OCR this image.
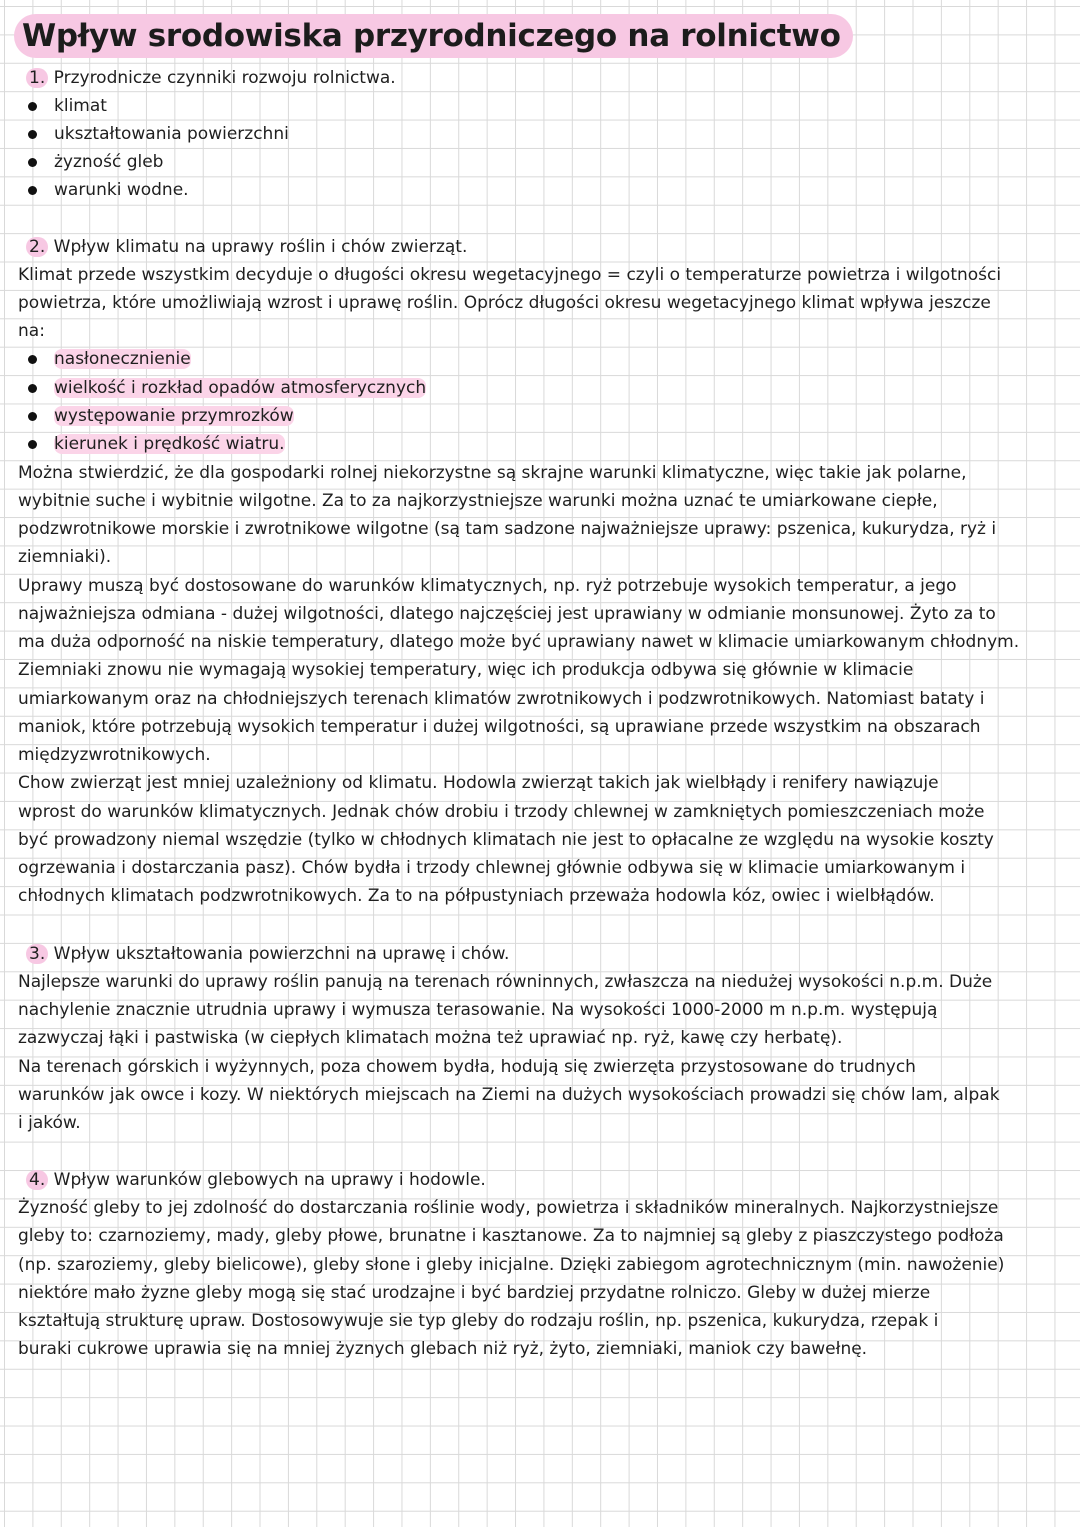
Wpływ srodowiska przyrodniczego na rolnictwo
1. Przyrodnicze czynniki rozwoju rolnictwa.
klimat
ukształtowania powierzchni
żyzność gleb
warunki wodne.
2. Wpływ klimatu na uprawy roślin i chów zwierząt.
Klimat przede wszystkim decyduje o długości okresu wegetacyjnego = czyli o temperaturze powietrza i wilgotności
powietrza, które umożliwiają wzrost i uprawę roślin. Oprócz długości okresu wegetacyjnego klimat wpływa jeszcze
na:
nasłonecznienie
wielkość i rozkład opadów atmosferycznych
występowanie przymrozków
kierunek i prędkość wiatru.
Można stwierdzić, że dla gospodarki rolnej niekorzystne są skrajne warunki klimatyczne, więc takie jak polarne,
wybitnie suche i wybitnie wilgotne. Za to za najkorzystniejsze warunki można uznać te umiarkowane ciepłe,
podzwrotnikowe morskie i zwrotnikowe wilgotne (są tam sadzone najważniejsze uprawy: pszenica, kukurydza, ryż i
ziemniaki).
Uprawy muszą być dostosowane do warunków klimatycznych, np. ryż potrzebuje wysokich temperatur, a jego
najważniejsza odmiana - dużej wilgotności, dlatego najczęściej jest uprawiany w odmianie monsunowej. Żyto za to
ma duża odporność na niskie temperatury, dlatego może być uprawiany nawet w klimacie umiarkowanym chłodnym.
Ziemniaki znowu nie wymagają wysokiej temperatury, więc ich produkcja odbywa się głównie w klimacie
umiarkowanym oraz na chłodniejszych terenach klimatów zwrotnikowych i podzwrotnikowych. Natomiast bataty i
maniok, które potrzebują wysokich temperatur i dużej wilgotności, są uprawiane przede wszystkim na obszarach
międzyzwrotnikowych.
Chow zwierząt jest mniej uzależniony od klimatu. Hodowla zwierząt takich jak wielbłądy i renifery nawiązuje
wprost do warunków klimatycznych. Jednak chów drobiu i trzody chlewnej w zamkniętych pomieszczeniach może
być prowadzony niemal wszędzie (tylko w chłodnych klimatach nie jest to opłacalne ze względu na wysokie koszty
ogrzewania i dostarczania pasz). Chów bydła i trzody chlewnej głównie odbywa się w klimacie umiarkowanym i
chłodnych klimatach podzwrotnikowych. Za to na półpustyniach przeważa hodowla kóz, owiec i wielbłądów.
3. Wpływ ukształtowania powierzchni na uprawę i chów.
Najlepsze warunki do uprawy roślin panują na terenach równinnych, zwłaszcza na niedużej wysokości n.p.m. Duże
nachylenie znacznie utrudnia uprawy i wymusza terasowanie. Na wysokości 1000-2000 m n.p.m. występują
zazwyczaj łąki i pastwiska (w ciepłych klimatach można też uprawiać np. ryż, kawę czy herbatę).
Na terenach górskich i wyżynnych, poza chowem bydła, hodują się zwierzęta przystosowane do trudnych
warunków jak owce i kozy. W niektórych miejscach na Ziemi na dużych wysokościach prowadzi się chów lam, alpak
i jaków.
4. Wpływ warunków glebowych na uprawy i hodowle.
Żyzność gleby to jej zdolność do dostarczania roślinie wody, powietrza i składników mineralnych. Najkorzystniejsze
gleby to: czarnoziemy, mady, gleby płowe, brunatne i kasztanowe. Za to najmniej są gleby z piaszczystego podłoża
(np. szaroziemy, gleby bielicowe), gleby słone i gleby inicjalne. Dzięki zabiegom agrotechnicznym (min. nawożenie)
niektóre mało żyzne gleby mogą się stać urodzajne i być bardziej przydatne rolniczo. Gleby w dużej mierze
kształtują strukturę upraw. Dostosowywuje sie typ gleby do rodzaju roślin, np. pszenica, kukurydza, rzepak i
buraki cukrowe uprawia się na mniej żyznych glebach niż ryż, żyto, ziemniaki, maniok czy bawełnę.
